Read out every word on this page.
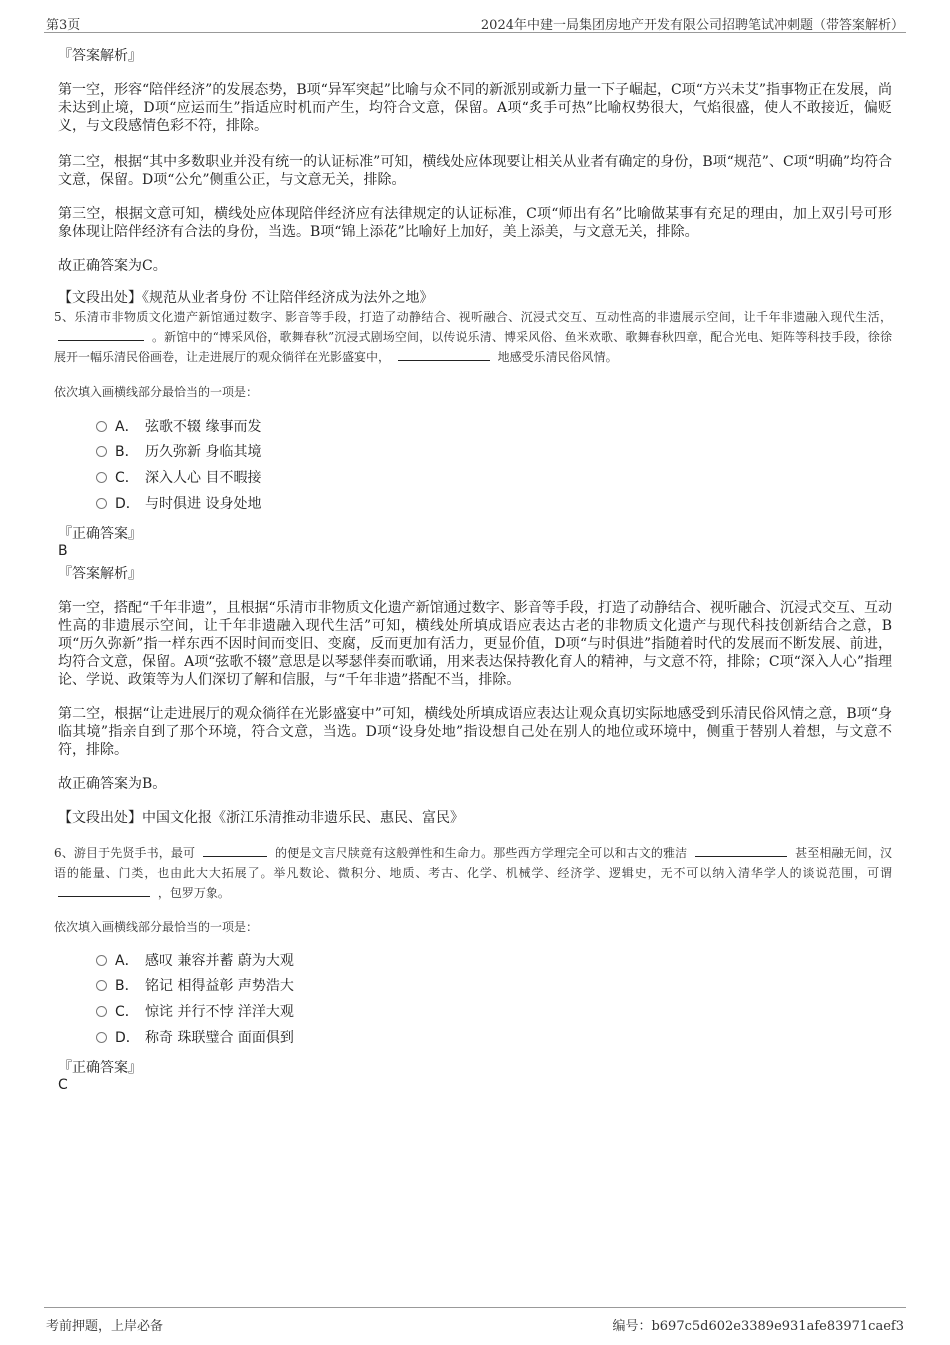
第3页	2024年中建一局集团房地产开发有限公司招聘笔试冲刺题（带答案解析）
『答案解析』
第一空，形容“陪伴经济”的发展态势，B项“异军突起”比喻与众不同的新派别或新力量一下子崛起，C项“方兴未艾”指事物正在发展，尚未达到止境，D项“应运而生”指适应时机而产生，均符合文意，保留。A项“炙手可热”比喻权势很大，气焰很盛，使人不敢接近，偏贬义，与文段感情色彩不符，排除。
第二空，根据“其中多数职业并没有统一的认证标准”可知，横线处应体现要让相关从业者有确定的身份，B项“规范”、C项“明确”均符合文意，保留。D项“公允”侧重公正，与文意无关，排除。
第三空，根据文意可知，横线处应体现陪伴经济应有法律规定的认证标准，C项“师出有名”比喻做某事有充足的理由，加上双引号可形象体现让陪伴经济有合法的身份，当选。B项“锦上添花”比喻好上加好，美上添美，与文意无关，排除。
故正确答案为C。
【文段出处】《规范从业者身份 不让陪伴经济成为法外之地》
5、乐清市非物质文化遗产新馆通过数字、影音等手段，打造了动静结合、视听融合、沉浸式交互、互动性高的非遗展示空间，让千年非遗融入现代生活，  。新馆中的“博采风俗，歌舞春秋”沉浸式剧场空间，以传说乐清、博采风俗、鱼米欢歌、歌舞春秋四章，配合光电、矩阵等科技手段，徐徐展开一幅乐清民俗画卷，让走进展厅的观众徜徉在光影盛宴中，	地感受乐清民俗风情。
依次填入画横线部分最恰当的一项是：
A． 弦歌不辍 缘事而发
B． 历久弥新 身临其境
C． 深入人心 目不暇接
D． 与时俱进 设身处地
『正确答案』
B
『答案解析』
第一空，搭配“千年非遗”，且根据“乐清市非物质文化遗产新馆通过数字、影音等手段，打造了动静结合、视听融合、沉浸式交互、互动性高的非遗展示空间，让千年非遗融入现代生活”可知，横线处所填成语应表达古老的非物质文化遗产与现代科技创新结合之意，B项“历久弥新”指一样东西不因时间而变旧、变腐，反而更加有活力，更显价值，D项“与时俱进”指随着时代的发展而不断发展、前进，均符合文意，保留。A项“弦歌不辍”意思是以琴瑟伴奏而歌诵，用来表达保持教化育人的精神，与文意不符，排除；C项“深入人心”指理论、学说、政策等为人们深切了解和信服，与“千年非遗”搭配不当，排除。
第二空，根据“让走进展厅的观众徜徉在光影盛宴中”可知，横线处所填成语应表达让观众真切实际地感受到乐清民俗风情之意，B项“身临其境”指亲自到了那个环境，符合文意，当选。D项“设身处地”指设想自己处在别人的地位或环境中，侧重于替别人着想，与文意不符，排除。
故正确答案为B。
【文段出处】中国文化报《浙江乐清推动非遗乐民、惠民、富民》
6、游目于先贤手书，最可	的便是文言尺牍竟有这般弹性和生命力。那些西方学理完全可以和古文的雅洁	甚至相融无间，汉语的能量、门类，也由此大大拓展了。举凡数论、微积分、地质、考古、化学、机械学、经济学、逻辑史，无不可以纳入清华学人的谈说范围，可谓  ，包罗万象。
依次填入画横线部分最恰当的一项是：
A． 感叹 兼容并蓄 蔚为大观
B． 铭记 相得益彰 声势浩大
C． 惊诧 并行不悖 洋洋大观
D． 称奇 珠联璧合 面面俱到
『正确答案』
C
考前押题，上岸必备	编号：b697c5d602e3389e931afe83971caef3
